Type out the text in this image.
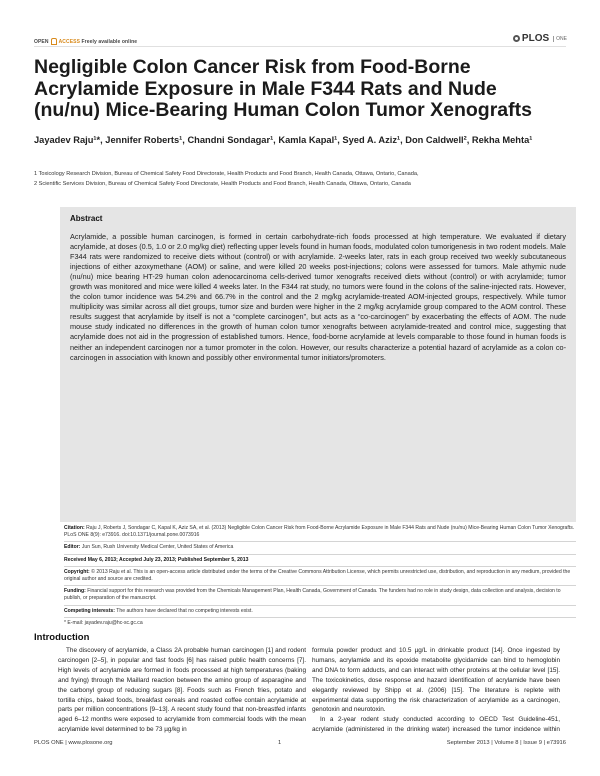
OPEN ACCESS Freely available online	PLOS	ONE
Negligible Colon Cancer Risk from Food-Borne Acrylamide Exposure in Male F344 Rats and Nude (nu/nu) Mice-Bearing Human Colon Tumor Xenografts
Jayadev Raju¹*, Jennifer Roberts¹, Chandni Sondagar¹, Kamla Kapal¹, Syed A. Aziz¹, Don Caldwell², Rekha Mehta¹
1 Toxicology Research Division, Bureau of Chemical Safety Food Directorate, Health Products and Food Branch, Health Canada, Ottawa, Ontario, Canada,
2 Scientific Services Division, Bureau of Chemical Safety Food Directorate, Health Products and Food Branch, Health Canada, Ottawa, Ontario, Canada
Abstract

Acrylamide, a possible human carcinogen, is formed in certain carbohydrate-rich foods processed at high temperature. We evaluated if dietary acrylamide, at doses (0.5, 1.0 or 2.0 mg/kg diet) reflecting upper levels found in human foods, modulated colon tumorigenesis in two rodent models. Male F344 rats were randomized to receive diets without (control) or with acrylamide. 2-weeks later, rats in each group received two weekly subcutaneous injections of either azoxymethane (AOM) or saline, and were killed 20 weeks post-injections; colons were assessed for tumors. Male athymic nude (nu/nu) mice bearing HT-29 human colon adenocarcinoma cells-derived tumor xenografts received diets without (control) or with acrylamide; tumor growth was monitored and mice were killed 4 weeks later. In the F344 rat study, no tumors were found in the colons of the saline-injected rats. However, the colon tumor incidence was 54.2% and 66.7% in the control and the 2 mg/kg acrylamide-treated AOM-injected groups, respectively. While tumor multiplicity was similar across all diet groups, tumor size and burden were higher in the 2 mg/kg acrylamide group compared to the AOM control. These results suggest that acrylamide by itself is not a “complete carcinogen”, but acts as a “co-carcinogen” by exacerbating the effects of AOM. The nude mouse study indicated no differences in the growth of human colon tumor xenografts between acrylamide-treated and control mice, suggesting that acrylamide does not aid in the progression of established tumors. Hence, food-borne acrylamide at levels comparable to those found in human foods is neither an independent carcinogen nor a tumor promoter in the colon. However, our results characterize a potential hazard of acrylamide as a colon co-carcinogen in association with known and possibly other environmental tumor initiators/promoters.

Citation: Raju J, Roberts J, Sondagar C, Kapal K, Aziz SA, et al. (2013) Negligible Colon Cancer Risk from Food-Borne Acrylamide Exposure in Male F344 Rats and Nude (nu/nu) Mice-Bearing Human Colon Tumor Xenografts. PLoS ONE 8(9): e73916. doi:10.1371/journal.pone.0073916
Editor: Jun Sun, Rush University Medical Center, United States of America
Received May 6, 2013; Accepted July 23, 2013; Published September 5, 2013
Copyright: © 2013 Raju et al. This is an open-access article distributed under the terms of the Creative Commons Attribution License, which permits unrestricted use, distribution, and reproduction in any medium, provided the original author and source are credited.
Funding: Financial support for this research was provided from the Chemicals Management Plan, Health Canada, Government of Canada. The funders had no role in study design, data collection and analysis, decision to publish, or preparation of the manuscript.
Competing interests: The authors have declared that no competing interests exist.
* E-mail: jayadev.raju@hc-sc.gc.ca
Introduction

The discovery of acrylamide, a Class 2A probable human carcinogen [1] and rodent carcinogen [2–5], in popular and fast foods [6] has raised public health concerns [7]. High levels of acrylamide are formed in foods processed at high temperatures (baking and frying) through the Maillard reaction between the amino group of asparagine and the carbonyl group of reducing sugars [8]. Foods such as French fries, potato and tortilla chips, baked foods, breakfast cereals and roasted coffee contain acrylamide at parts per million concentrations [9–13]. A recent study found that non-breastfed infants aged 6–12 months were exposed to acrylamide from commercial foods with the mean acrylamide level determined to be 73 µg/kg in

formula powder product and 10.5 µg/L in drinkable product [14]. Once ingested by humans, acrylamide and its epoxide metabolite glycidamide can bind to hemoglobin and DNA to form adducts, and can interact with other proteins at the cellular level [15]. The toxicokinetics, dose response and hazard identification of acrylamide have been elegantly reviewed by Shipp et al. (2006) [15]. The literature is replete with experimental data supporting the risk characterization of acrylamide as a carcinogen, genotoxin and neurotoxin.

In a 2-year rodent study conducted according to OECD Test Guideline-451, acrylamide (administered in the drinking water) increased the tumor incidence within

PLOS ONE | www.plosone.org	1	September 2013 | Volume 8 | Issue 9 | e73916
